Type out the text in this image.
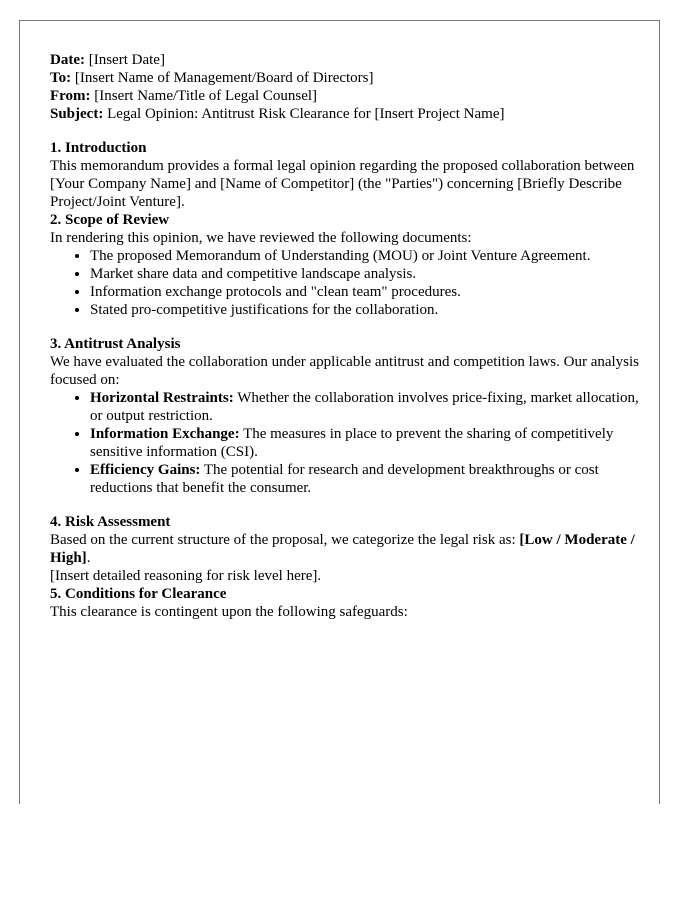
Date: [Insert Date]

To: [Insert Name of Management/Board of Directors]

From: [Insert Name/Title of Legal Counsel]

Subject: Legal Opinion: Antitrust Risk Clearance for [Insert Project Name]

1. Introduction

This memorandum provides a formal legal opinion regarding the proposed collaboration between [Your Company Name] and [Name of Competitor] (the "Parties") concerning [Briefly Describe Project/Joint Venture].

2. Scope of Review

In rendering this opinion, we have reviewed the following documents:

• The proposed Memorandum of Understanding (MOU) or Joint Venture Agreement.
• Market share data and competitive landscape analysis.
• Information exchange protocols and "clean team" procedures.
• Stated pro-competitive justifications for the collaboration.

3. Antitrust Analysis

We have evaluated the collaboration under applicable antitrust and competition laws. Our analysis focused on:

• Horizontal Restraints: Whether the collaboration involves price-fixing, market allocation, or output restriction.
• Information Exchange: The measures in place to prevent the sharing of competitively sensitive information (CSI).
• Efficiency Gains: The potential for research and development breakthroughs or cost reductions that benefit the consumer.

4. Risk Assessment

Based on the current structure of the proposal, we categorize the legal risk as: [Low / Moderate / High].

[Insert detailed reasoning for risk level here].

5. Conditions for Clearance

This clearance is contingent upon the following safeguards:
